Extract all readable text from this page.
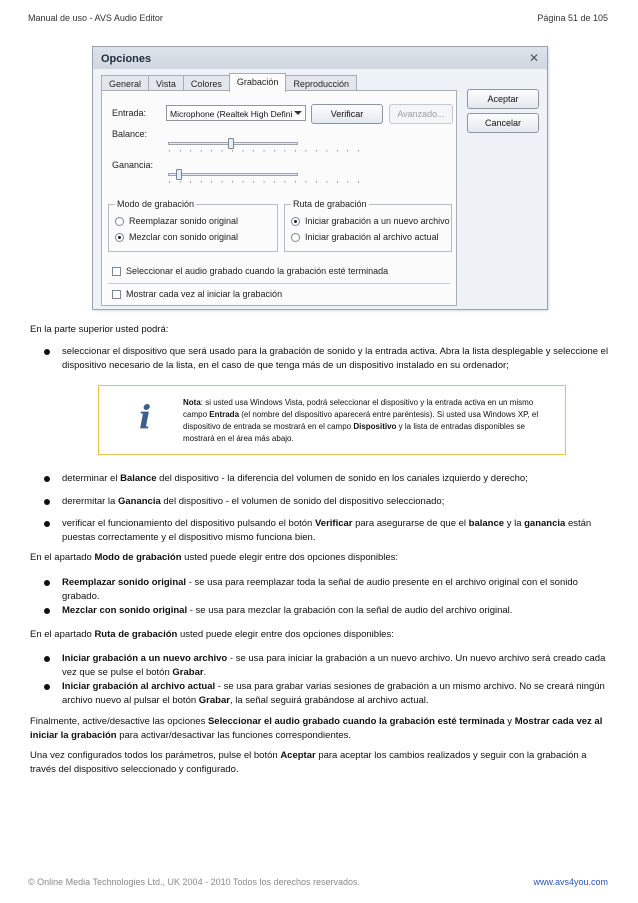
Manual de uso - AVS Audio Editor	Página 51 de 105
Opciones	✕
General	Vista	Colores	Grabación	Reproducción
Entrada:	Microphone (Realtek High Defini	Verificar	Avanzado...
Balance:
' ' ' ' ' ' ' ' ' ' ' ' ' ' ' ' ' ' '
Ganancia:
' ' ' ' ' ' ' ' ' ' ' ' ' ' ' ' ' ' '
Modo de grabación
Reemplazar sonido original
Mezclar con sonido original
Ruta de grabación
Iniciar grabación a un nuevo archivo
Iniciar grabación al archivo actual
Seleccionar el audio grabado cuando la grabación esté terminada
Mostrar cada vez al iniciar la grabación
Aceptar
Cancelar
En la parte superior usted podrá:
seleccionar el dispositivo que será usado para la grabación de sonido y la entrada activa. Abra la lista desplegable y seleccione el dispositivo necesario de la lista, en el caso de que tenga más de un dispositivo instalado en su ordenador;
i	Nota: si usted usa Windows Vista, podrá seleccionar el dispositivo y la entrada activa en un mismo campo Entrada (el nombre del dispositivo aparecerá entre paréntesis). Si usted usa Windows XP, el dispositivo de entrada se mostrará en el campo Dispositivo y la lista de entradas disponibles se mostrará en el área más abajo.
determinar el Balance del dispositivo - la diferencia del volumen de sonido en los canales izquierdo y derecho;
derermitar la Ganancia del dispositivo - el volumen de sonido del dispositivo seleccionado;
verificar el funcionamiento del dispositivo pulsando el botón Verificar para asegurarse de que el balance y la ganancia están puestas correctamente y el dispositivo mismo funciona bien.
En el apartado Modo de grabación usted puede elegir entre dos opciones disponibles:
Reemplazar sonido original - se usa para reemplazar toda la señal de audio presente en el archivo original con el sonido grabado.
Mezclar con sonido original - se usa para mezclar la grabación con la señal de audio del archivo original.
En el apartado Ruta de grabación usted puede elegir entre dos opciones disponibles:
Iniciar grabación a un nuevo archivo - se usa para iniciar la grabación a un nuevo archivo. Un nuevo archivo será creado cada vez que se pulse el botón Grabar.
Iniciar grabación al archivo actual - se usa para grabar varias sesiones de grabación a un mismo archivo. No se creará ningún archivo nuevo al pulsar el botón Grabar, la señal seguirá grabándose al archivo actual.
Finalmente, active/desactive las opciones Seleccionar el audio grabado cuando la grabación esté terminada y Mostrar cada vez al iniciar la grabación para activar/desactivar las funciones correspondientes.
Una vez configurados todos los parámetros, pulse el botón Aceptar para aceptar los cambios realizados y seguir con la grabación a través del dispositivo seleccionado y configurado.
© Online Media Technologies Ltd., UK 2004 - 2010 Todos los derechos reservados.	www.avs4you.com
